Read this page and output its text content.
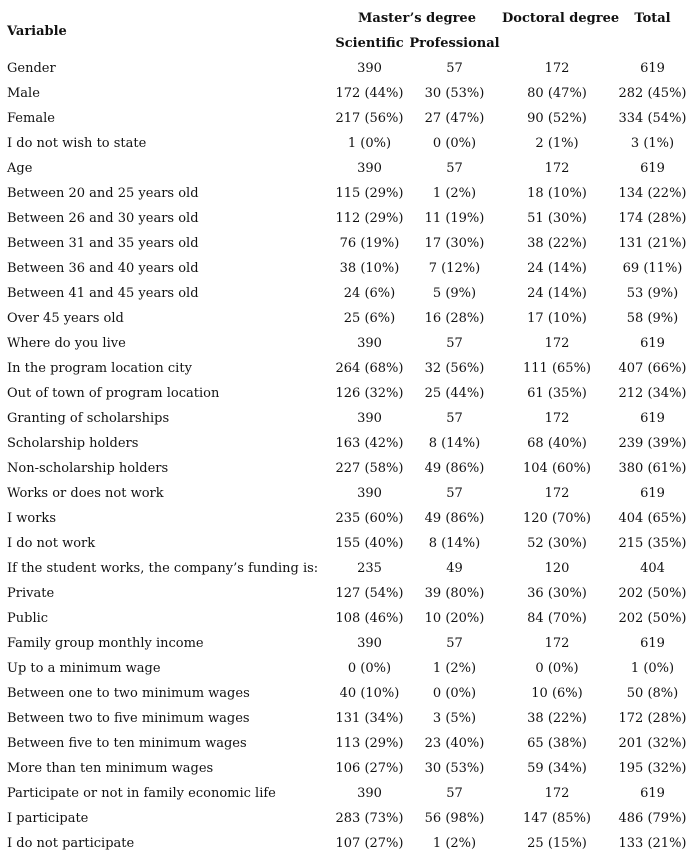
Variable	Master’s degree		Doctoral degree	Total
	Scientific	Professional		
Gender	390	57	172	619
Male	172 (44%)	30 (53%)	80 (47%)	282 (45%)
Female	217 (56%)	27 (47%)	90 (52%)	334 (54%)
I do not wish to state	1 (0%)	0 (0%)	2 (1%)	3 (1%)
Age	390	57	172	619
Between 20 and 25 years old	115 (29%)	1 (2%)	18 (10%)	134 (22%)
Between 26 and 30 years old	112 (29%)	11 (19%)	51 (30%)	174 (28%)
Between 31 and 35 years old	76 (19%)	17 (30%)	38 (22%)	131 (21%)
Between 36 and 40 years old	38 (10%)	7 (12%)	24 (14%)	69 (11%)
Between 41 and 45 years old	24 (6%)	5 (9%)	24 (14%)	53 (9%)
Over 45 years old	25 (6%)	16 (28%)	17 (10%)	58 (9%)
Where do you live	390	57	172	619
In the program location city	264 (68%)	32 (56%)	111 (65%)	407 (66%)
Out of town of program location	126 (32%)	25 (44%)	61 (35%)	212 (34%)
Granting of scholarships	390	57	172	619
Scholarship holders	163 (42%)	8 (14%)	68 (40%)	239 (39%)
Non-scholarship holders	227 (58%)	49 (86%)	104 (60%)	380 (61%)
Works or does not work	390	57	172	619
I works	235 (60%)	49 (86%)	120 (70%)	404 (65%)
I do not work	155 (40%)	8 (14%)	52 (30%)	215 (35%)
If the student works, the company’s funding is:	235	49	120	404
Private	127 (54%)	39 (80%)	36 (30%)	202 (50%)
Public	108 (46%)	10 (20%)	84 (70%)	202 (50%)
Family group monthly income	390	57	172	619
Up to a minimum wage	0 (0%)	1 (2%)	0 (0%)	1 (0%)
Between one to two minimum wages	40 (10%)	0 (0%)	10 (6%)	50 (8%)
Between two to five minimum wages	131 (34%)	3 (5%)	38 (22%)	172 (28%)
Between five to ten minimum wages	113 (29%)	23 (40%)	65 (38%)	201 (32%)
More than ten minimum wages	106 (27%)	30 (53%)	59 (34%)	195 (32%)
Participate or not in family economic life	390	57	172	619
I participate	283 (73%)	56 (98%)	147 (85%)	486 (79%)
I do not participate	107 (27%)	1 (2%)	25 (15%)	133 (21%)
